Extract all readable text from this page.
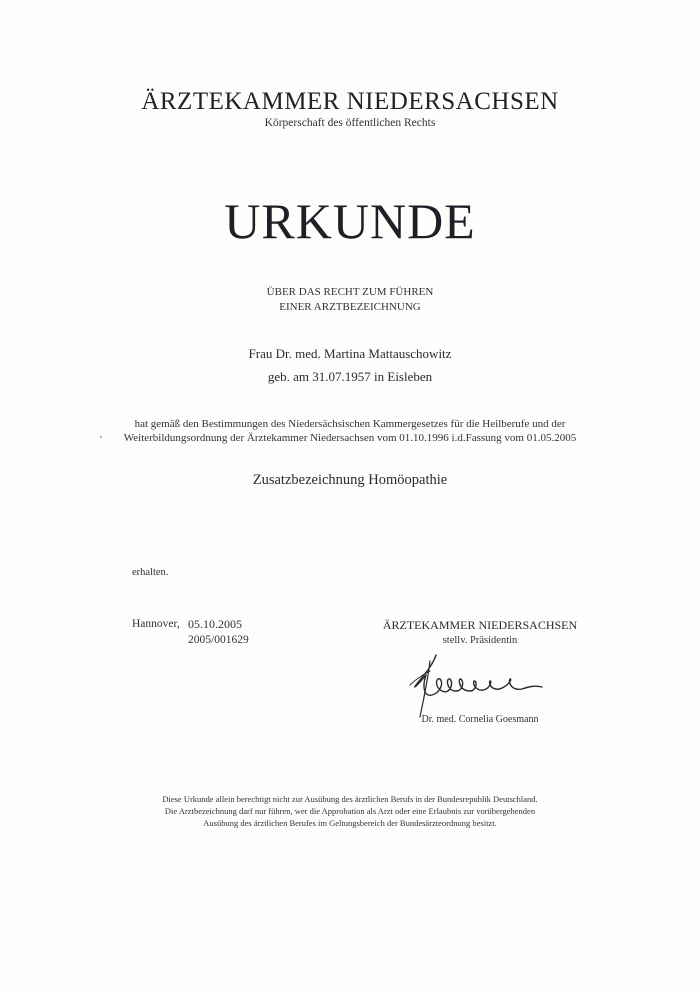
ÄRZTEKAMMER NIEDERSACHSEN
Körperschaft des öffentlichen Rechts
URKUNDE
ÜBER DAS RECHT ZUM FÜHREN
EINER ARZTBEZEICHNUNG
Frau Dr. med. Martina Mattauschowitz
geb. am 31.07.1957 in Eisleben
hat gemäß den Bestimmungen des Niedersächsischen Kammergesetzes für die Heilberufe und der
Weiterbildungsordnung der Ärztekammer Niedersachsen vom 01.10.1996 i.d.Fassung vom 01.05.2005
Zusatzbezeichnung Homöopathie
erhalten.
Hannover, 05.10.2005
2005/001629
ÄRZTEKAMMER NIEDERSACHSEN
stellv. Präsidentin
Dr. med. Cornelia Goesmann
Diese Urkunde allein berechtigt nicht zur Ausübung des ärztlichen Berufs in der Bundesrepublik Deutschland.
Die Arztbezeichnung darf nur führen, wer die Approbation als Arzt oder eine Erlaubnis zur vorübergehenden
Ausübung des ärztlichen Berufes im Geltungsbereich der Bundesärzteordnung besitzt.
